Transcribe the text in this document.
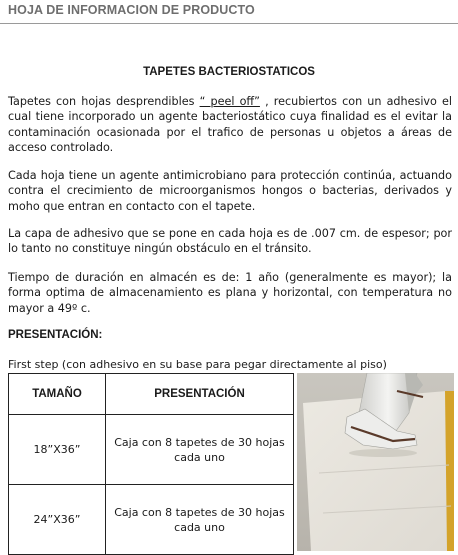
HOJA DE INFORMACION DE PRODUCTO
TAPETES BACTERIOSTATICOS
Tapetes con hojas desprendibles “ peel off” , recubiertos con un adhesivo el cual tiene incorporado un agente bacteriostático cuya finalidad es el evitar la contaminación ocasionada por el trafico de personas u objetos a áreas de acceso controlado.
Cada hoja tiene un agente antimicrobiano para protección continúa, actuando contra el crecimiento de microorganismos hongos o bacterias, derivados y moho que entran en contacto con el tapete.
La capa de adhesivo que se pone en cada hoja es de .007 cm. de espesor; por lo tanto no constituye ningún obstáculo en el tránsito.
Tiempo de duración en almacén es de: 1 año (generalmente es mayor); la forma optima de almacenamiento es plana y horizontal, con temperatura no mayor a 49º c.
PRESENTACIÓN:
First step (con adhesivo en su base para pegar directamente al piso)
TAMAÑO	PRESENTACIÓN
18”X36”	Caja con 8 tapetes de 30 hojas cada uno
24”X36”	Caja con 8 tapetes de 30 hojas cada uno
